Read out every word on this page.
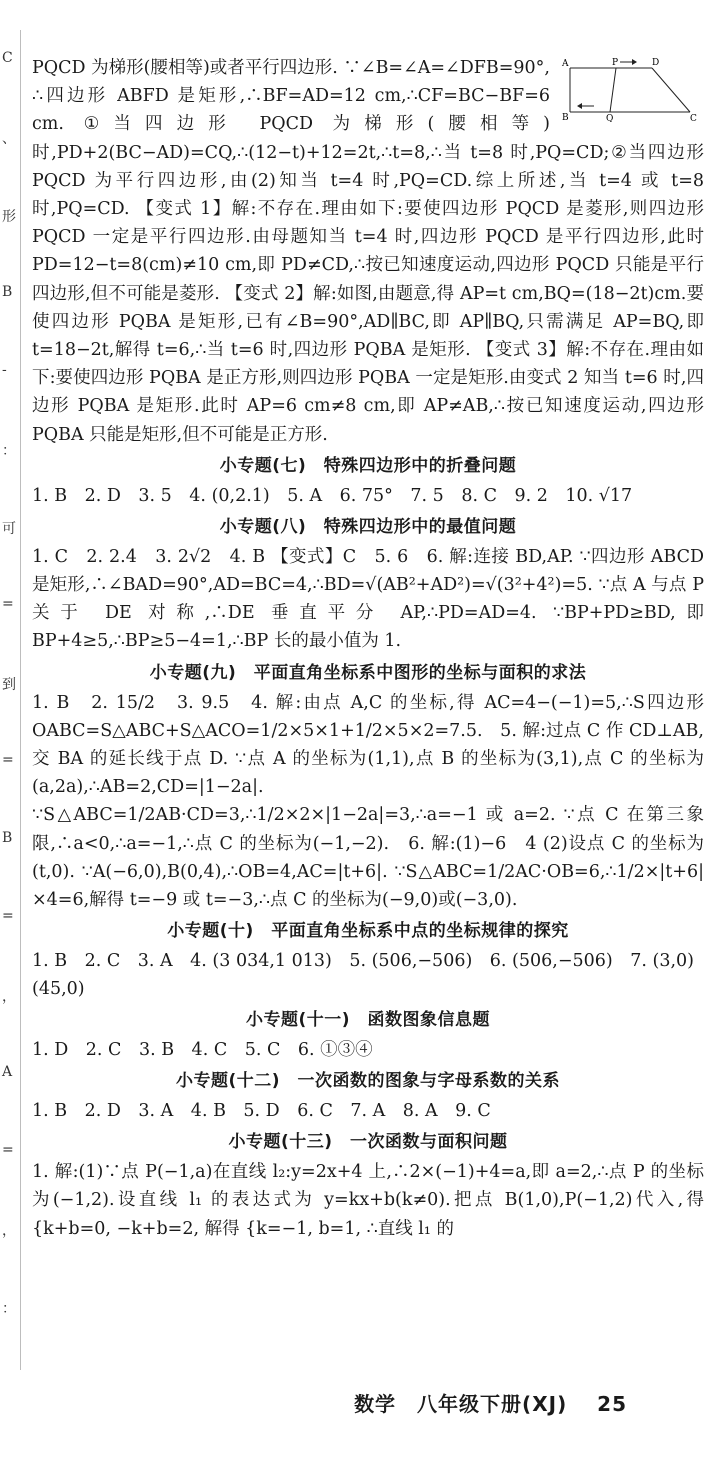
C
、
形
B
-
：
可
=
到
=
B
=
，
A
=
，
：

A	P	D
B	Q	C
PQCD 为梯形(腰相等)或者平行四边形. ∵∠B=∠A=∠DFB=90°, ∴四边形 ABFD 是矩形,∴BF=AD=12 cm,∴CF=BC−BF=6 cm. ①当四边形 PQCD 为梯形(腰相等)时,PD+2(BC−AD)=CQ,∴(12−t)+12=2t,∴t=8,∴当 t=8 时,PQ=CD;②当四边形 PQCD 为平行四边形,由(2)知当 t=4 时,PQ=CD.综上所述,当 t=4 或 t=8 时,PQ=CD. 【变式 1】解:不存在.理由如下:要使四边形 PQCD 是菱形,则四边形 PQCD 一定是平行四边形.由母题知当 t=4 时,四边形 PQCD 是平行四边形,此时 PD=12−t=8(cm)≠10 cm,即 PD≠CD,∴按已知速度运动,四边形 PQCD 只能是平行四边形,但不可能是菱形. 【变式 2】解:如图,由题意,得 AP=t cm,BQ=(18−2t)cm.要使四边形 PQBA 是矩形,已有∠B=90°,AD∥BC,即 AP∥BQ,只需满足 AP=BQ,即 t=18−2t,解得 t=6,∴当 t=6 时,四边形 PQBA 是矩形. 【变式 3】解:不存在.理由如下:要使四边形 PQBA 是正方形,则四边形 PQBA 一定是矩形.由变式 2 知当 t=6 时,四边形 PQBA 是矩形.此时 AP=6 cm≠8 cm,即 AP≠AB,∴按已知速度运动,四边形 PQBA 只能是矩形,但不可能是正方形.

小专题(七)　特殊四边形中的折叠问题

1. B　2. D　3. 5　4. (0,2.1)　5. A　6. 75°　7. 5　8. C　9. 2　10. √17

小专题(八)　特殊四边形中的最值问题

1. C　2. 2.4　3. 2√2　4. B 【变式】C　5. 6　6. 解:连接 BD,AP. ∵四边形 ABCD 是矩形,∴∠BAD=90°,AD=BC=4,∴BD=√(AB²+AD²)=√(3²+4²)=5. ∵点 A 与点 P 关于 DE 对称,∴DE 垂直平分 AP,∴PD=AD=4. ∵BP+PD≥BD,即 BP+4≥5,∴BP≥5−4=1,∴BP 长的最小值为 1.

小专题(九)　平面直角坐标系中图形的坐标与面积的求法

1. B　2. 15/2　3. 9.5　4. 解:由点 A,C 的坐标,得 AC=4−(−1)=5,∴S四边形OABC=S△ABC+S△ACO=1/2×5×1+1/2×5×2=7.5.　5. 解:过点 C 作 CD⊥AB,交 BA 的延长线于点 D. ∵点 A 的坐标为(1,1),点 B 的坐标为(3,1),点 C 的坐标为(a,2a),∴AB=2,CD=|1−2a|. ∵S△ABC=1/2AB·CD=3,∴1/2×2×|1−2a|=3,∴a=−1 或 a=2. ∵点 C 在第三象限,∴a<0,∴a=−1,∴点 C 的坐标为(−1,−2).　6. 解:(1)−6　4 (2)设点 C 的坐标为(t,0). ∵A(−6,0),B(0,4),∴OB=4,AC=|t+6|. ∵S△ABC=1/2AC·OB=6,∴1/2×|t+6|×4=6,解得 t=−9 或 t=−3,∴点 C 的坐标为(−9,0)或(−3,0).

小专题(十)　平面直角坐标系中点的坐标规律的探究

1. B　2. C　3. A　4. (3 034,1 013)　5. (506,−506)　6. (506,−506)　7. (3,0)　(45,0)

小专题(十一)　函数图象信息题

1. D　2. C　3. B　4. C　5. C　6. ①③④

小专题(十二)　一次函数的图象与字母系数的关系

1. B　2. D　3. A　4. B　5. D　6. C　7. A　8. A　9. C

小专题(十三)　一次函数与面积问题

1. 解:(1)∵点 P(−1,a)在直线 l₂:y=2x+4 上,∴2×(−1)+4=a,即 a=2,∴点 P 的坐标为(−1,2).设直线 l₁ 的表达式为 y=kx+b(k≠0).把点 B(1,0),P(−1,2)代入,得 {k+b=0, −k+b=2, 解得 {k=−1, b=1, ∴直线 l₁ 的

数学　八年级下册(XJ) 25
